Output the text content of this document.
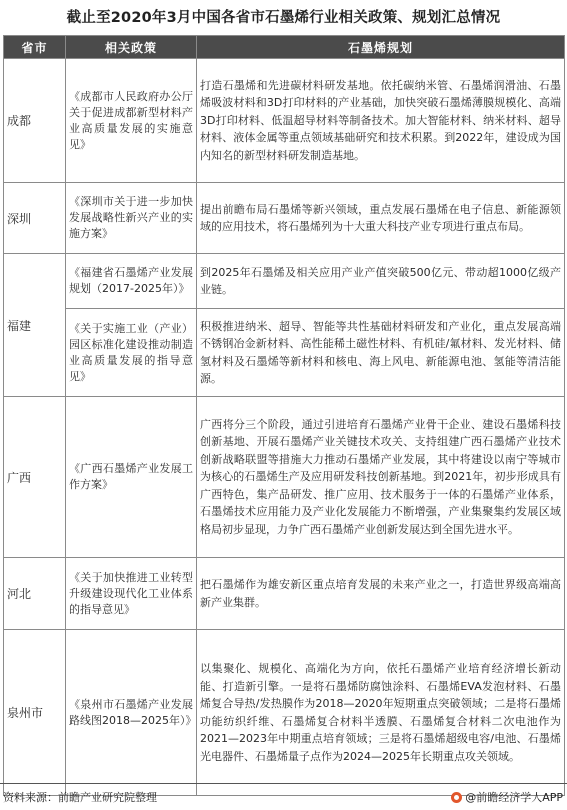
截止至2020年3月中国各省市石墨烯行业相关政策、规划汇总情况
省市	相关政策	石墨烯规划
成都	《成都市人民政府办公厅关于促进成都新型材料产业高质量发展的实施意见》	打造石墨烯和先进碳材料研发基地。依托碳纳米管、石墨烯润滑油、石墨烯吸波材料和3D打印材料的产业基础，加快突破石墨烯薄膜规模化、高端3D打印材料、低温超导材料等制备技术。加大智能材料、纳米材料、超导材料、液体金属等重点领域基础研究和技术积累。到2022年，建设成为国内知名的新型材料研发制造基地。
深圳	《深圳市关于进一步加快发展战略性新兴产业的实施方案》	提出前瞻布局石墨烯等新兴领域，重点发展石墨烯在电子信息、新能源领域的应用技术，将石墨烯列为十大重大科技产业专项进行重点布局。
福建	《福建省石墨烯产业发展规划（2017-2025年）》	到2025年石墨烯及相关应用产业产值突破500亿元、带动超1000亿级产业链。
	《关于实施工业（产业）园区标准化建设推动制造业高质量发展的指导意见》	积极推进纳米、超导、智能等共性基础材料研发和产业化，重点发展高端不锈钢冶金新材料、高性能稀土磁性材料、有机硅/氟材料、发光材料、储氢材料及石墨烯等新材料和核电、海上风电、新能源电池、氢能等清洁能源。
广西	《广西石墨烯产业发展工作方案》	广西将分三个阶段，通过引进培育石墨烯产业骨干企业、建设石墨烯科技创新基地、开展石墨烯产业关键技术攻关、支持组建广西石墨烯产业技术创新战略联盟等措施大力推动石墨烯产业发展，其中将建设以南宁等城市为核心的石墨烯生产及应用研发科技创新基地。到2021年，初步形成具有广西特色，集产品研发、推广应用、技术服务于一体的石墨烯产业体系，石墨烯技术应用能力及产业化发展能力不断增强，产业集聚集约发展区域格局初步显现，力争广西石墨烯产业创新发展达到全国先进水平。
河北	《关于加快推进工业转型升级建设现代化工业体系的指导意见》	把石墨烯作为雄安新区重点培育发展的未来产业之一，打造世界级高端高新产业集群。
泉州市	《泉州市石墨烯产业发展路线图2018—2025年）》	以集聚化、规模化、高端化为方向，依托石墨烯产业培育经济增长新动能、打造新引擎。一是将石墨烯防腐蚀涂料、石墨烯EVA发泡材料、石墨烯复合导热/发热膜作为2018—2020年短期重点突破领域；二是将石墨烯功能纺织纤维、石墨烯复合材料半透膜、石墨烯复合材料二次电池作为2021—2023年中期重点培育领域；三是将石墨烯超级电容/电池、石墨烯光电器件、石墨烯量子点作为2024—2025年长期重点攻关领域。
资料来源：前瞻产业研究院整理	@前瞻经济学人APP
